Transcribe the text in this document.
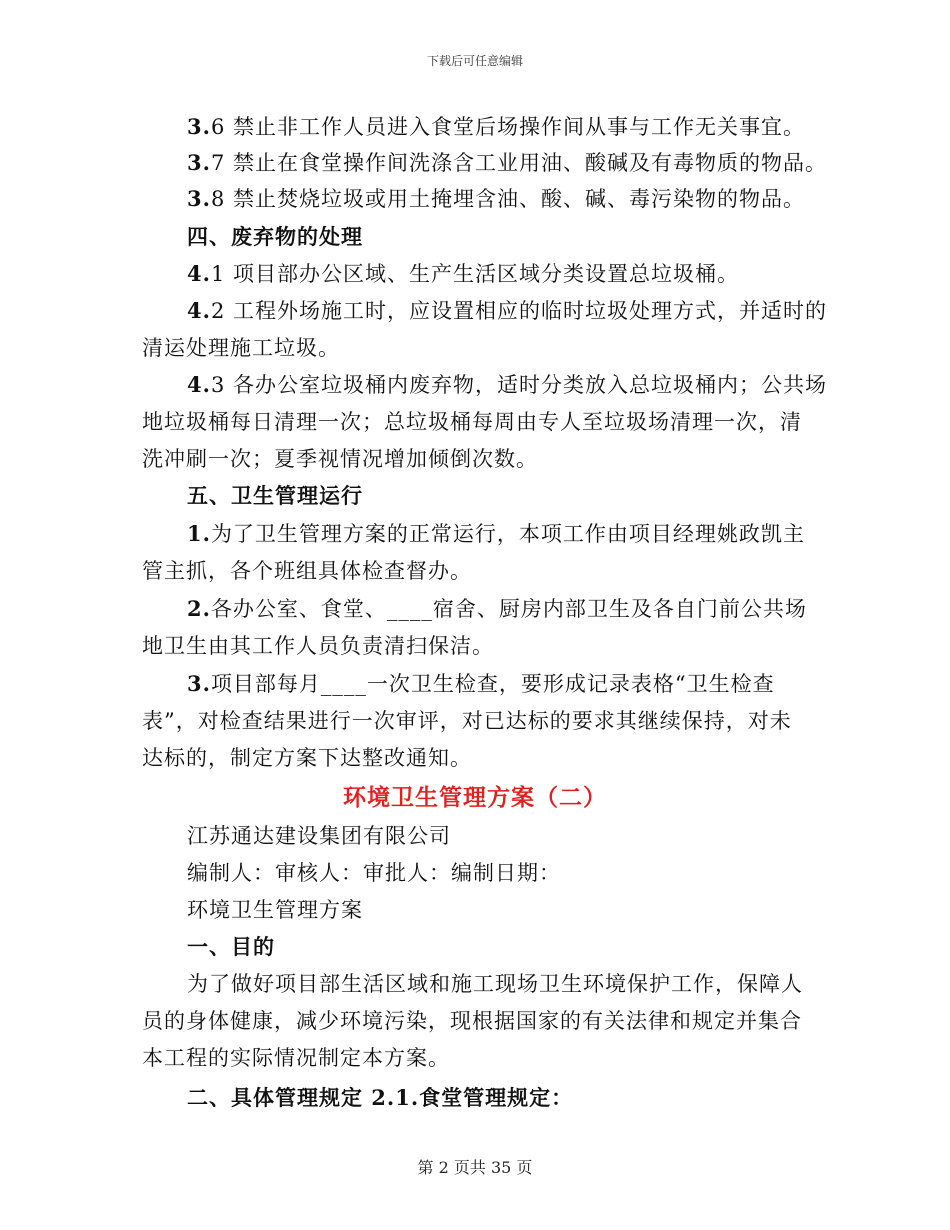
下载后可任意编辑
3.6 禁止非工作人员进入食堂后场操作间从事与工作无关事宜。
3.7 禁止在食堂操作间洗涤含工业用油、酸碱及有毒物质的物品。
3.8 禁止焚烧垃圾或用土掩埋含油、酸、碱、毒污染物的物品。
四、废弃物的处理
4.1 项目部办公区域、生产生活区域分类设置总垃圾桶。
4.2 工程外场施工时，应设置相应的临时垃圾处理方式，并适时的
清运处理施工垃圾。
4.3 各办公室垃圾桶内废弃物，适时分类放入总垃圾桶内；公共场
地垃圾桶每日清理一次；总垃圾桶每周由专人至垃圾场清理一次，清
洗冲刷一次；夏季视情况增加倾倒次数。
五、卫生管理运行
1.为了卫生管理方案的正常运行，本项工作由项目经理姚政凯主
管主抓，各个班组具体检查督办。
2.各办公室、食堂、____宿舍、厨房内部卫生及各自门前公共场
地卫生由其工作人员负责清扫保洁。
3.项目部每月____一次卫生检查，要形成记录表格“卫生检查
表”，对检查结果进行一次审评，对已达标的要求其继续保持，对未
达标的，制定方案下达整改通知。
环境卫生管理方案（二）
江苏通达建设集团有限公司
编制人：审核人：审批人：编制日期：
环境卫生管理方案
一、目的
为了做好项目部生活区域和施工现场卫生环境保护工作，保障人
员的身体健康，减少环境污染，现根据国家的有关法律和规定并集合
本工程的实际情况制定本方案。
二、具体管理规定 2.1.食堂管理规定：
第 2 页共 35 页
